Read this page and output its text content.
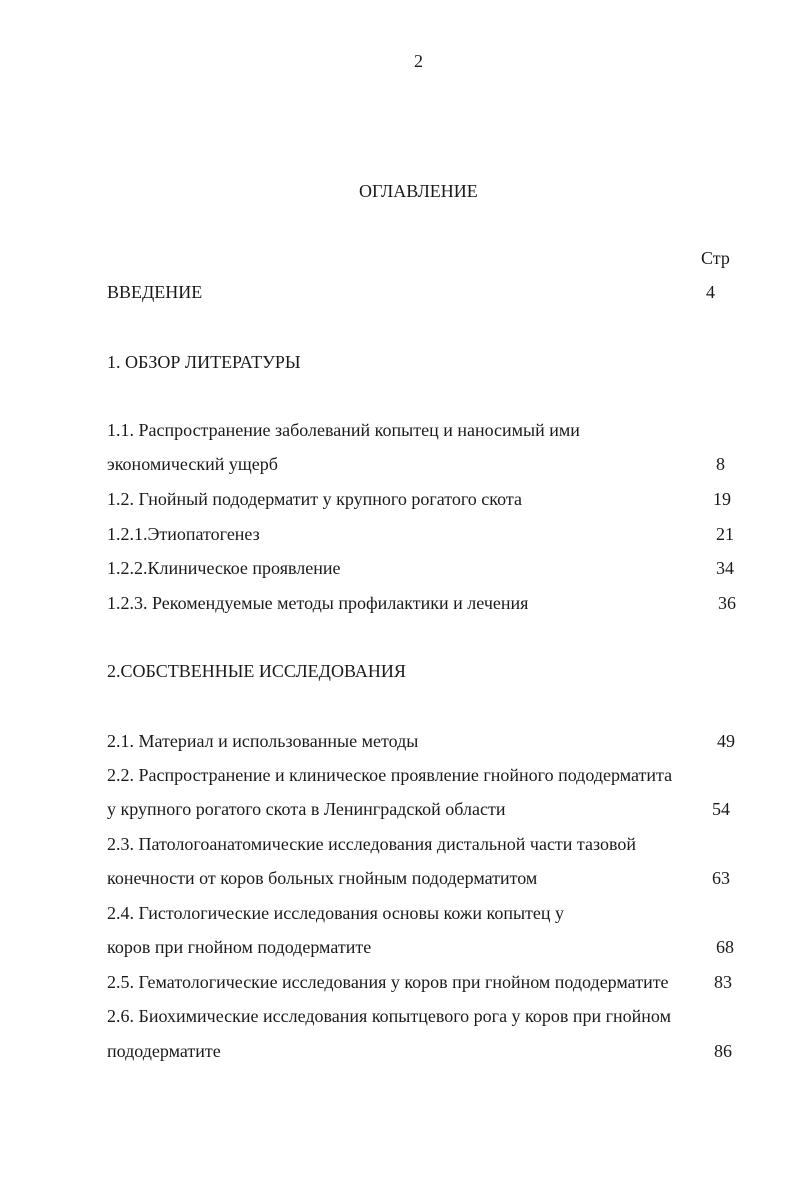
2
ОГЛАВЛЕНИЕ
Стр
ВВЕДЕНИЕ
1. ОБЗОР ЛИТЕРАТУРЫ
1.1. Распространение заболеваний копытец и наносимый ими
экономический ущерб
1.2. Гнойный пододерматит у крупного рогатого скота
1.2.1.Этиопатогенез
1.2.2.Клиническое проявление
1.2.3. Рекомендуемые методы профилактики и лечения
2.СОБСТВЕННЫЕ ИССЛЕДОВАНИЯ
2.1. Материал и использованные методы
2.2. Распространение и клиническое проявление гнойного пододерматита
у крупного рогатого скота в Ленинградской области
2.3. Патологоанатомические исследования дистальной части тазовой
конечности от коров больных гнойным пододерматитом
2.4. Гистологические исследования основы кожи копытец у
коров при гнойном пододерматите
2.5. Гематологические исследования у коров при гнойном пододерматите
2.6. Биохимические исследования копытцевого рога у коров при гнойном
пододерматите
4
8
19
21
34
36
49
54
63
68
83
86
